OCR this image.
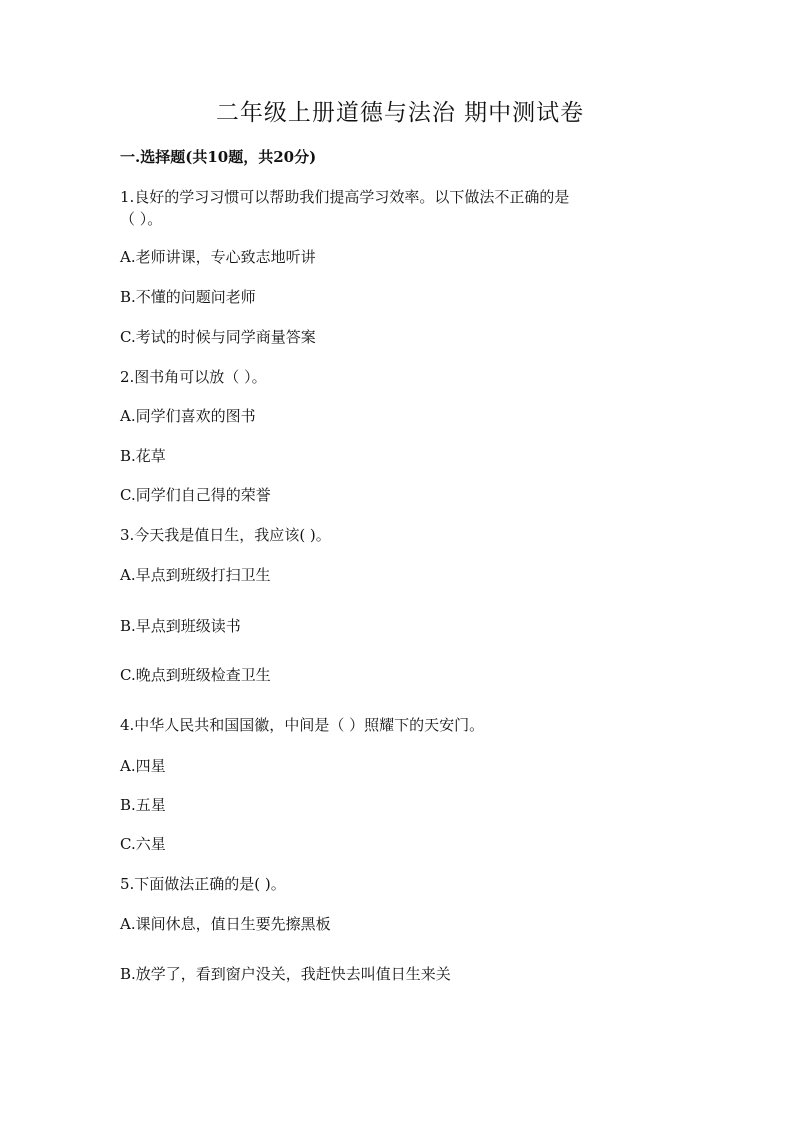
二年级上册道德与法治 期中测试卷
一.选择题(共10题，共20分)
1.良好的学习习惯可以帮助我们提高学习效率。以下做法不正确的是
（ ）。
A.老师讲课，专心致志地听讲
B.不懂的问题问老师
C.考试的时候与同学商量答案
2.图书角可以放（ ）。
A.同学们喜欢的图书
B.花草
C.同学们自己得的荣誉
3.今天我是值日生，我应该( )。
A.早点到班级打扫卫生
B.早点到班级读书
C.晚点到班级检查卫生
4.中华人民共和国国徽，中间是（ ）照耀下的天安门。
A.四星
B.五星
C.六星
5.下面做法正确的是( )。
A.课间休息，值日生要先擦黑板
B.放学了，看到窗户没关，我赶快去叫值日生来关
